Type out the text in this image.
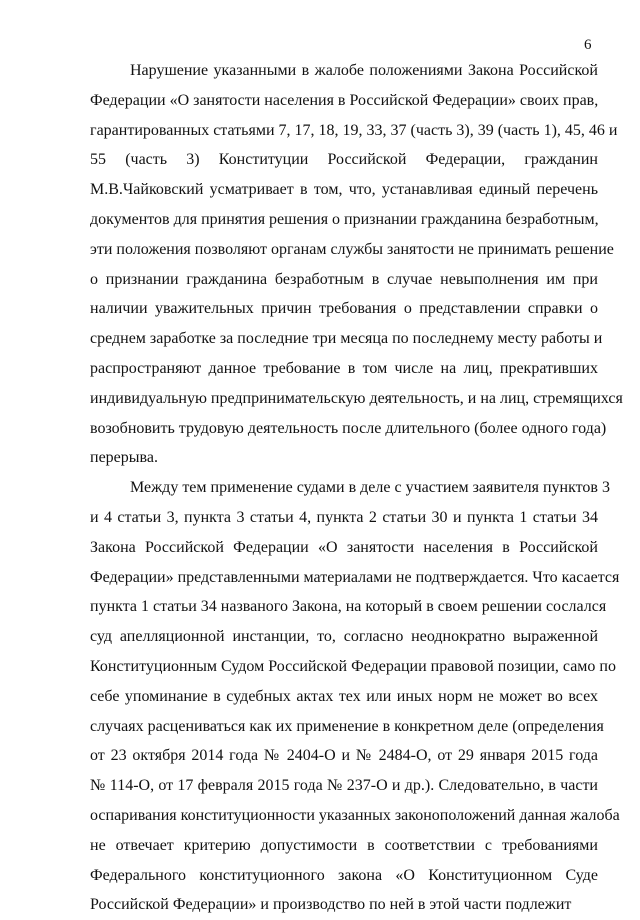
6

Нарушение указанными в жалобе положениями Закона Российской
Федерации «О занятости населения в Российской Федерации» своих прав,
гарантированных статьями 7, 17, 18, 19, 33, 37 (часть 3), 39 (часть 1), 45, 46 и
55 (часть 3) Конституции Российской Федерации, гражданин
М.В.Чайковский усматривает в том, что, устанавливая единый перечень
документов для принятия решения о признании гражданина безработным,
эти положения позволяют органам службы занятости не принимать решение
о признании гражданина безработным в случае невыполнения им при
наличии уважительных причин требования о представлении справки о
среднем заработке за последние три месяца по последнему месту работы и
распространяют данное требование в том числе на лиц, прекративших
индивидуальную предпринимательскую деятельность, и на лиц, стремящихся
возобновить трудовую деятельность после длительного (более одного года)
перерыва.

Между тем применение судами в деле с участием заявителя пунктов 3
и 4 статьи 3, пункта 3 статьи 4, пункта 2 статьи 30 и пункта 1 статьи 34
Закона Российской Федерации «О занятости населения в Российской
Федерации» представленными материалами не подтверждается. Что касается
пункта 1 статьи 34 названого Закона, на который в своем решении сослался
суд апелляционной инстанции, то, согласно неоднократно выраженной
Конституционным Судом Российской Федерации правовой позиции, само по
себе упоминание в судебных актах тех или иных норм не может во всех
случаях расцениваться как их применение в конкретном деле (определения
от 23 октября 2014 года № 2404-О и № 2484-О, от 29 января 2015 года
№ 114-О, от 17 февраля 2015 года № 237-О и др.). Следовательно, в части
оспаривания конституционности указанных законоположений данная жалоба
не отвечает критерию допустимости в соответствии с требованиями
Федерального конституционного закона «О Конституционном Суде
Российской Федерации» и производство по ней в этой части подлежит
